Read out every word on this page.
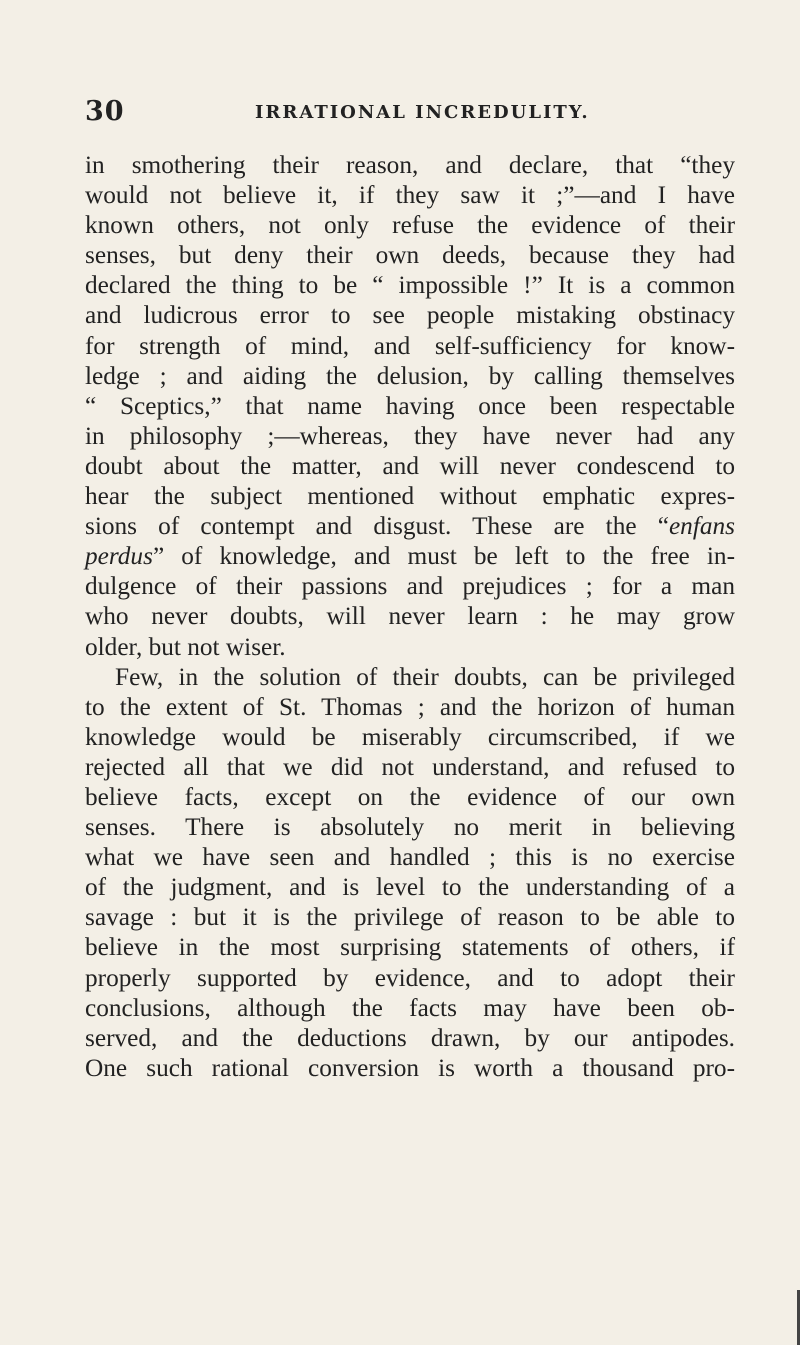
30	IRRATIONAL INCREDULITY.
in smothering their reason, and declare, that “they
would not believe it, if they saw it ;”—and I have
known others, not only refuse the evidence of their
senses, but deny their own deeds, because they had
declared the thing to be “ impossible !” It is a common
and ludicrous error to see people mistaking obstinacy
for strength of mind, and self-sufficiency for know-
ledge ; and aiding the delusion, by calling themselves
“ Sceptics,” that name having once been respectable
in philosophy ;—whereas, they have never had any
doubt about the matter, and will never condescend to
hear the subject mentioned without emphatic expres-
sions of contempt and disgust. These are the “enfans
perdus” of knowledge, and must be left to the free in-
dulgence of their passions and prejudices ; for a man
who never doubts, will never learn : he may grow
older, but not wiser.
Few, in the solution of their doubts, can be privileged
to the extent of St. Thomas ; and the horizon of human
knowledge would be miserably circumscribed, if we
rejected all that we did not understand, and refused to
believe facts, except on the evidence of our own
senses. There is absolutely no merit in believing
what we have seen and handled ; this is no exercise
of the judgment, and is level to the understanding of a
savage : but it is the privilege of reason to be able to
believe in the most surprising statements of others, if
properly supported by evidence, and to adopt their
conclusions, although the facts may have been ob-
served, and the deductions drawn, by our antipodes.
One such rational conversion is worth a thousand pro-
